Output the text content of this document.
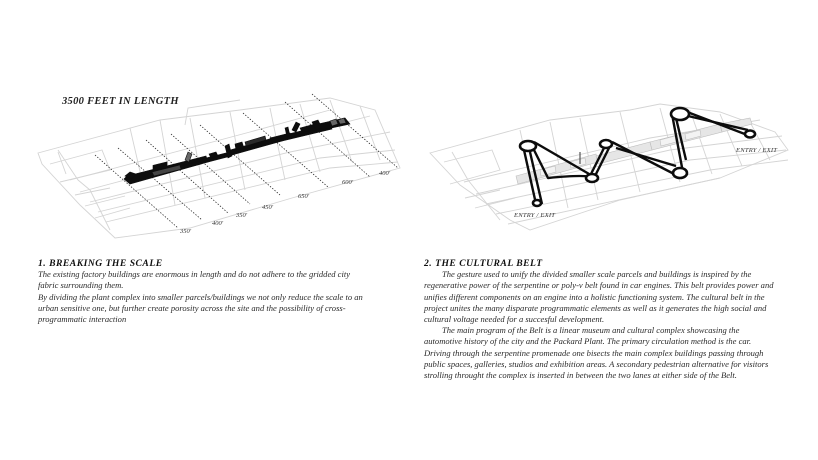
3500 FEET IN LENGTH
350'
400'
350'
450'
650'
600'
400'
ENTRY / EXIT
ENTRY / EXIT
1. BREAKING THE SCALE

The existing factory buildings are enormous in length and do not adhere to the gridded city fabric surrounding them.

By dividing the plant complex into smaller parcels/buildings we not only reduce the scale to an urban sensitive one, but further create porosity across the site and the possibility of cross-programmatic interaction

2. THE CULTURAL BELT

The gesture used to unify the divided smaller scale parcels and buildings is inspired by the regenerative power of the serpentine or poly-v belt found in car engines. This belt provides power and unifies different components on an engine into a holistic functioning system. The cultural belt in the project unites the many disparate programmatic elements as well as it generates the high social and cultural voltage needed for a succesful development.

The main program of the Belt is a linear museum and cultural complex showcasing the automotive history of the city and the Packard Plant. The primary circulation method is the car. Driving through the serpentine promenade one bisects the main complex buildings passing through public spaces, galleries, studios and exhibition areas. A secondary pedestrian alternative for visitors strolling throught the complex is inserted in between the two lanes at either side of the Belt.
